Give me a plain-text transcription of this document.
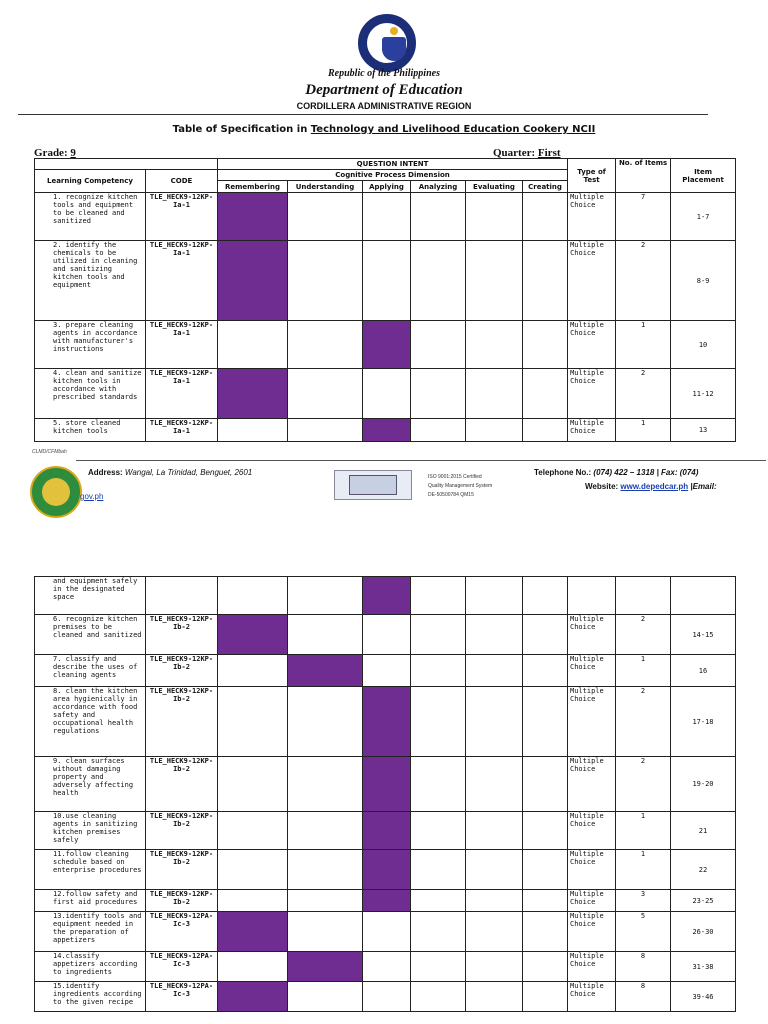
Republic of the Philippines
Department of Education
CORDILLERA ADMINISTRATIVE REGION
Table of Specification in Technology and Livelihood Education Cookery NCII
Grade: 9	Quarter: First
		QUESTION INTENT						Type of Test	No. of Items	Item Placement
Learning Competency	CODE	Cognitive Process Dimension								
		Remembering	Understanding	Applying	Analyzing	Evaluating	Creating			
1. recognize kitchen tools and equipment to be cleaned and sanitized	TLE_HECK9-12KP-Ia-1							Multiple Choice	7	1-7
2. identify the chemicals to be utilized in cleaning and sanitizing kitchen tools and equipment	TLE_HECK9-12KP-Ia-1							Multiple Choice	2	8-9
3. prepare cleaning agents in accordance with manufacturer's instructions	TLE_HECK9-12KP-Ia-1							Multiple Choice	1	10
4. clean and sanitize kitchen tools in accordance with prescribed standards	TLE_HECK9-12KP-Ia-1							Multiple Choice	2	11-12
5. store cleaned kitchen tools	TLE_HECK9-12KP-Ia-1							Multiple Choice	1	13
CLMD/CFMbah
Address: Wangal, La Trinidad, Benguet, 2601
gov.ph
ISO 9001:2015 Certified
Quality Management System
DE-50500784 QM15
Telephone No.: (074) 422 – 1318 | Fax: (074)
Website: www.depedcar.ph |Email:
and equipment safely in the designated space										
6. recognize kitchen premises to be cleaned and sanitized	TLE_HECK9-12KP-Ib-2							Multiple Choice	2	14-15
7. classify and describe the uses of cleaning agents	TLE_HECK9-12KP-Ib-2							Multiple Choice	1	16
8. clean the kitchen area hygienically in accordance with food safety and occupational health regulations	TLE_HECK9-12KP-Ib-2							Multiple Choice	2	17-18
9. clean surfaces without damaging property and adversely affecting health	TLE_HECK9-12KP-Ib-2							Multiple Choice	2	19-20
10.use cleaning agents in sanitizing kitchen premises safely	TLE_HECK9-12KP-Ib-2							Multiple Choice	1	21
11.follow cleaning schedule based on enterprise procedures	TLE_HECK9-12KP-Ib-2							Multiple Choice	1	22
12.follow safety and first aid procedures	TLE_HECK9-12KP-Ib-2							Multiple Choice	3	23-25
13.identify tools and equipment needed in the preparation of appetizers	TLE_HECK9-12PA-Ic-3							Multiple Choice	5	26-30
14.classify appetizers according to ingredients	TLE_HECK9-12PA-Ic-3							Multiple Choice	8	31-38
15.identify ingredients according to the given recipe	TLE_HECK9-12PA-Ic-3							Multiple Choice	8	39-46
